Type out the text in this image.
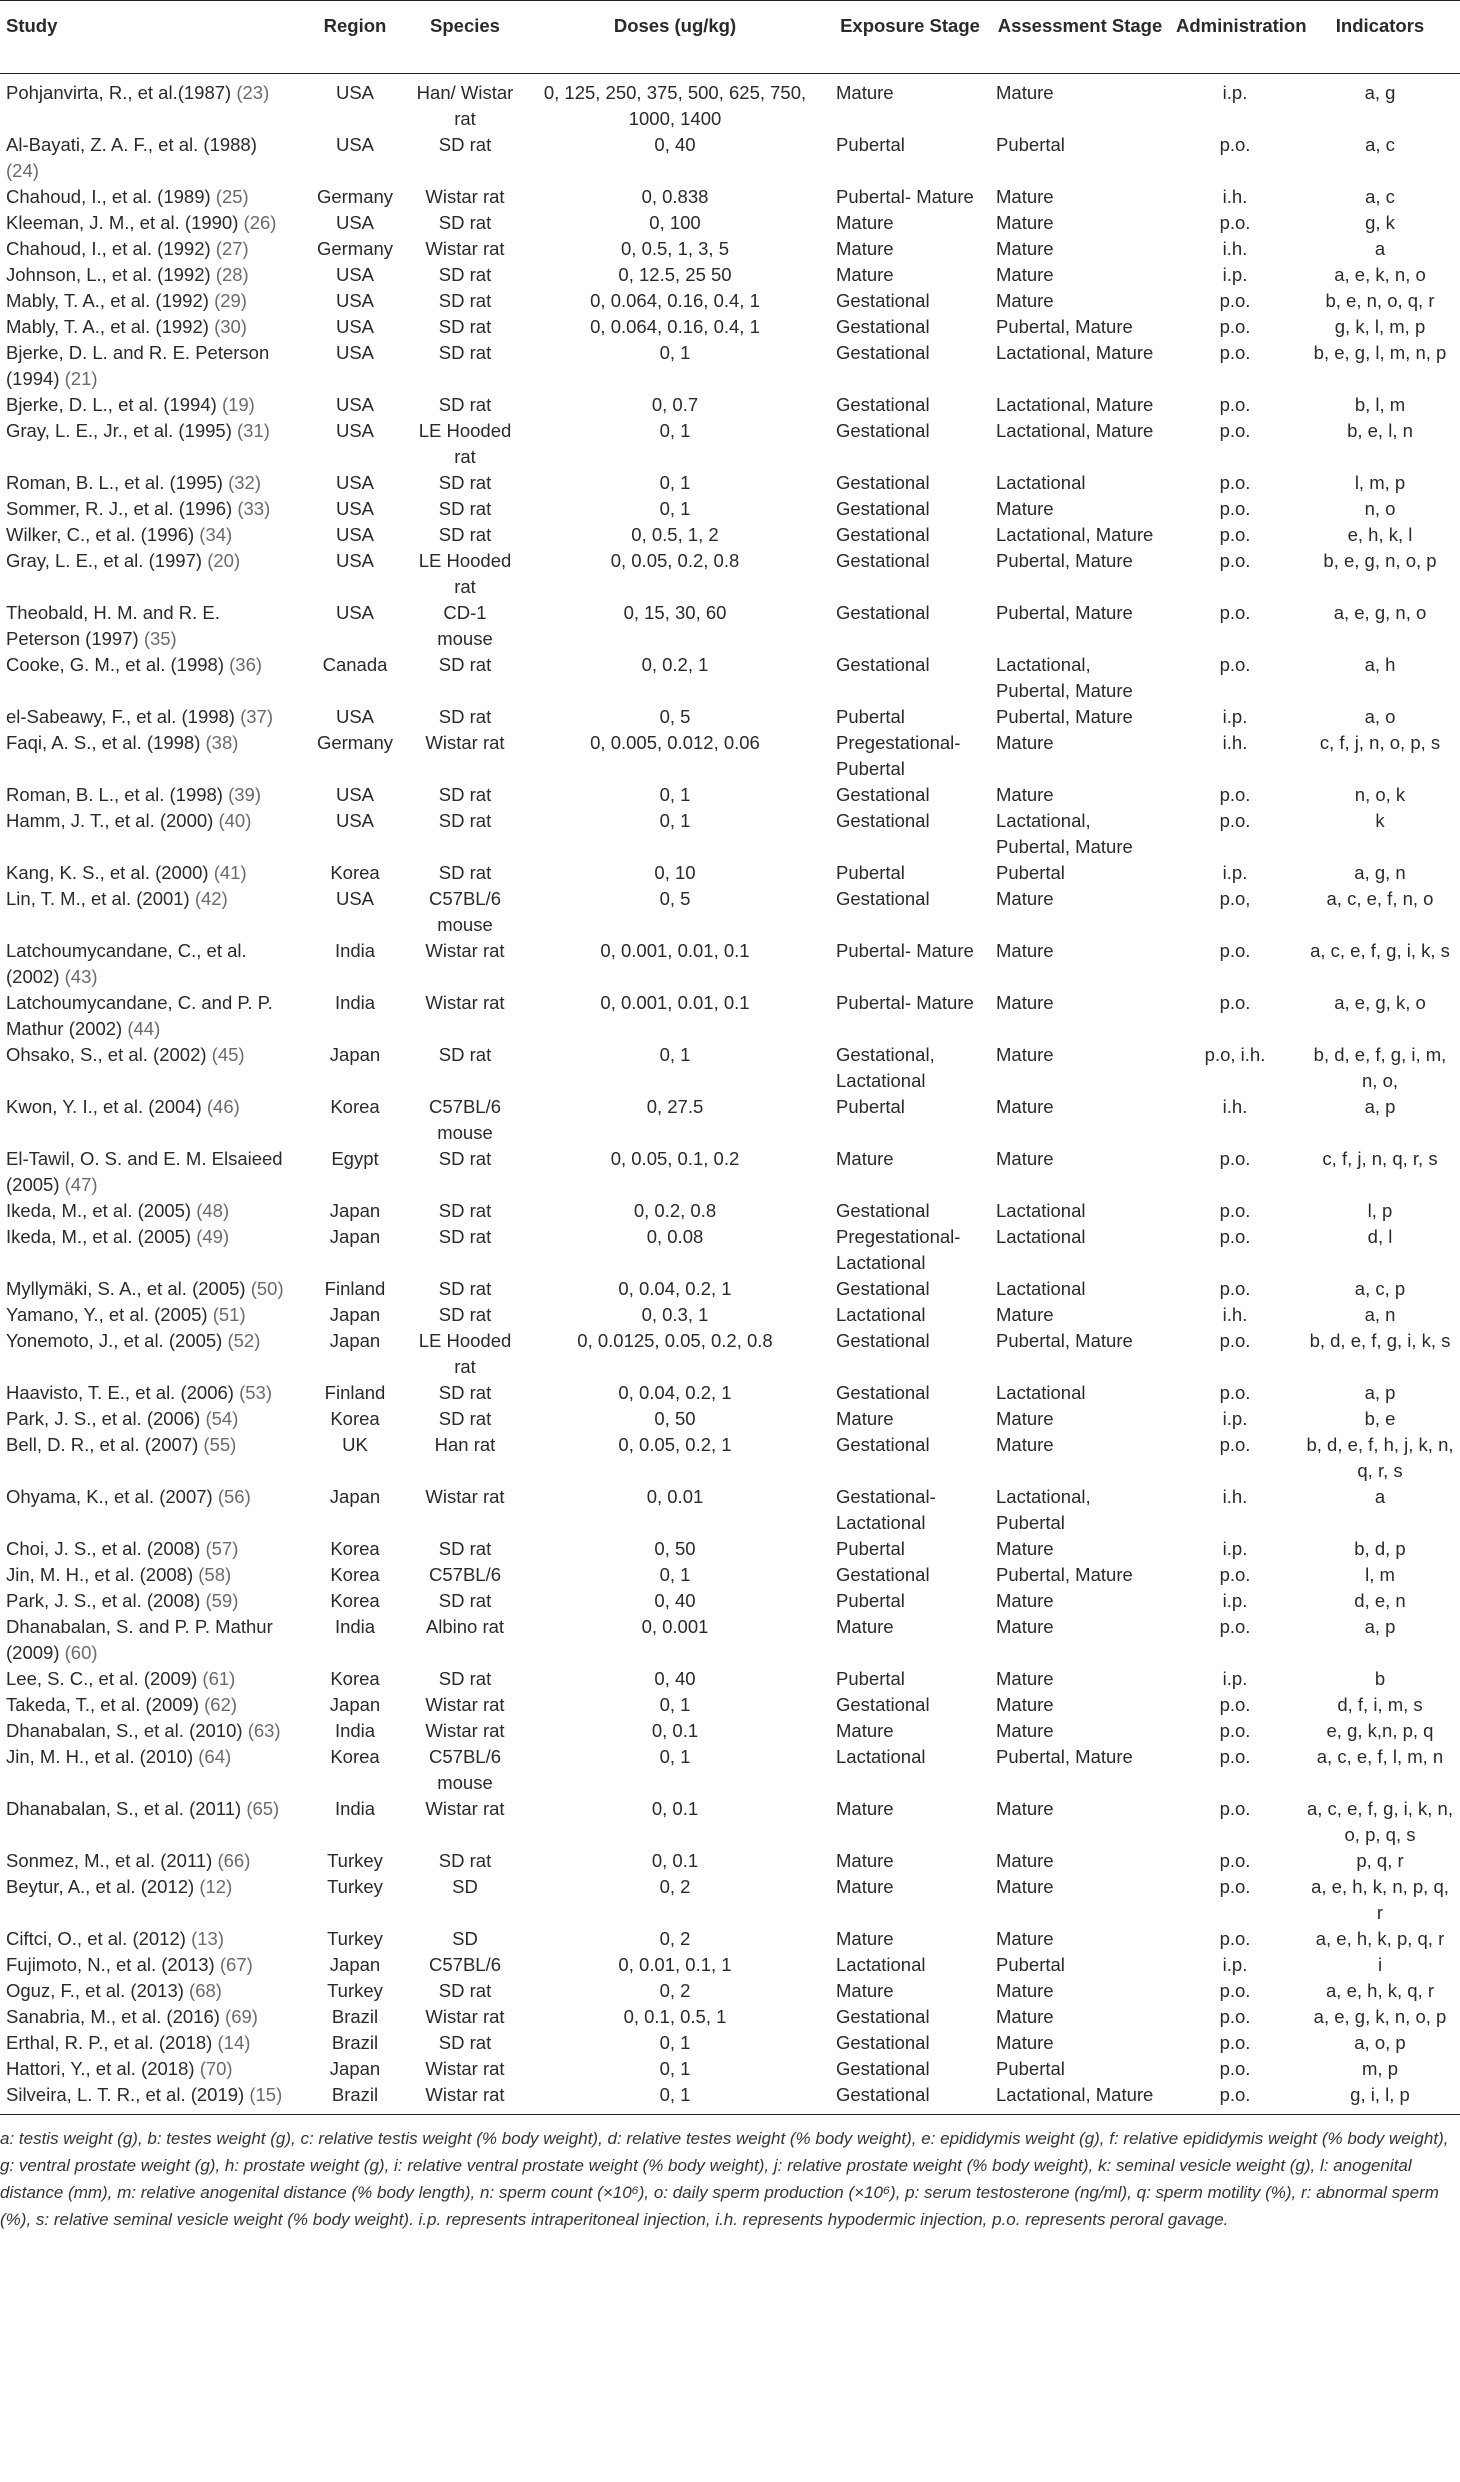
Study	Region	Species	Doses (ug/kg)	Exposure Stage	Assessment Stage	Administration	Indicators
Pohjanvirta, R., et al.(1987) (23)	USA	Han/ Wistar rat	0, 125, 250, 375, 500, 625, 750, 1000, 1400	Mature	Mature	i.p.	a, g
Al-Bayati, Z. A. F., et al. (1988) (24)	USA	SD rat	0, 40	Pubertal	Pubertal	p.o.	a, c
Chahoud, I., et al. (1989) (25)	Germany	Wistar rat	0, 0.838	Pubertal- Mature	Mature	i.h.	a, c
Kleeman, J. M., et al. (1990) (26)	USA	SD rat	0, 100	Mature	Mature	p.o.	g, k
Chahoud, I., et al. (1992) (27)	Germany	Wistar rat	0, 0.5, 1, 3, 5	Mature	Mature	i.h.	a
Johnson, L., et al. (1992) (28)	USA	SD rat	0, 12.5, 25 50	Mature	Mature	i.p.	a, e, k, n, o
Mably, T. A., et al. (1992) (29)	USA	SD rat	0, 0.064, 0.16, 0.4, 1	Gestational	Mature	p.o.	b, e, n, o, q, r
Mably, T. A., et al. (1992) (30)	USA	SD rat	0, 0.064, 0.16, 0.4, 1	Gestational	Pubertal, Mature	p.o.	g, k, l, m, p
Bjerke, D. L. and R. E. Peterson (1994) (21)	USA	SD rat	0, 1	Gestational	Lactational, Mature	p.o.	b, e, g, l, m, n, p
Bjerke, D. L., et al. (1994) (19)	USA	SD rat	0, 0.7	Gestational	Lactational, Mature	p.o.	b, l, m
Gray, L. E., Jr., et al. (1995) (31)	USA	LE Hooded rat	0, 1	Gestational	Lactational, Mature	p.o.	b, e, l, n
Roman, B. L., et al. (1995) (32)	USA	SD rat	0, 1	Gestational	Lactational	p.o.	l, m, p
Sommer, R. J., et al. (1996) (33)	USA	SD rat	0, 1	Gestational	Mature	p.o.	n, o
Wilker, C., et al. (1996) (34)	USA	SD rat	0, 0.5, 1, 2	Gestational	Lactational, Mature	p.o.	e, h, k, l
Gray, L. E., et al. (1997) (20)	USA	LE Hooded rat	0, 0.05, 0.2, 0.8	Gestational	Pubertal, Mature	p.o.	b, e, g, n, o, p
Theobald, H. M. and R. E. Peterson (1997) (35)	USA	CD-1 mouse	0, 15, 30, 60	Gestational	Pubertal, Mature	p.o.	a, e, g, n, o
Cooke, G. M., et al. (1998) (36)	Canada	SD rat	0, 0.2, 1	Gestational	Lactational, Pubertal, Mature	p.o.	a, h
el-Sabeawy, F., et al. (1998) (37)	USA	SD rat	0, 5	Pubertal	Pubertal, Mature	i.p.	a, o
Faqi, A. S., et al. (1998) (38)	Germany	Wistar rat	0, 0.005, 0.012, 0.06	Pregestational- Pubertal	Mature	i.h.	c, f, j, n, o, p, s
Roman, B. L., et al. (1998) (39)	USA	SD rat	0, 1	Gestational	Mature	p.o.	n, o, k
Hamm, J. T., et al. (2000) (40)	USA	SD rat	0, 1	Gestational	Lactational, Pubertal, Mature	p.o.	k
Kang, K. S., et al. (2000) (41)	Korea	SD rat	0, 10	Pubertal	Pubertal	i.p.	a, g, n
Lin, T. M., et al. (2001) (42)	USA	C57BL/6 mouse	0, 5	Gestational	Mature	p.o,	a, c, e, f, n, o
Latchoumycandane, C., et al. (2002) (43)	India	Wistar rat	0, 0.001, 0.01, 0.1	Pubertal- Mature	Mature	p.o.	a, c, e, f, g, i, k, s
Latchoumycandane, C. and P. P. Mathur (2002) (44)	India	Wistar rat	0, 0.001, 0.01, 0.1	Pubertal- Mature	Mature	p.o.	a, e, g, k, o
Ohsako, S., et al. (2002) (45)	Japan	SD rat	0, 1	Gestational, Lactational	Mature	p.o, i.h.	b, d, e, f, g, i, m, n, o,
Kwon, Y. I., et al. (2004) (46)	Korea	C57BL/6 mouse	0, 27.5	Pubertal	Mature	i.h.	a, p
El-Tawil, O. S. and E. M. Elsaieed (2005) (47)	Egypt	SD rat	0, 0.05, 0.1, 0.2	Mature	Mature	p.o.	c, f, j, n, q, r, s
Ikeda, M., et al. (2005) (48)	Japan	SD rat	0, 0.2, 0.8	Gestational	Lactational	p.o.	l, p
Ikeda, M., et al. (2005) (49)	Japan	SD rat	0, 0.08	Pregestational- Lactational	Lactational	p.o.	d, l
Myllymäki, S. A., et al. (2005) (50)	Finland	SD rat	0, 0.04, 0.2, 1	Gestational	Lactational	p.o.	a, c, p
Yamano, Y., et al. (2005) (51)	Japan	SD rat	0, 0.3, 1	Lactational	Mature	i.h.	a, n
Yonemoto, J., et al. (2005) (52)	Japan	LE Hooded rat	0, 0.0125, 0.05, 0.2, 0.8	Gestational	Pubertal, Mature	p.o.	b, d, e, f, g, i, k, s
Haavisto, T. E., et al. (2006) (53)	Finland	SD rat	0, 0.04, 0.2, 1	Gestational	Lactational	p.o.	a, p
Park, J. S., et al. (2006) (54)	Korea	SD rat	0, 50	Mature	Mature	i.p.	b, e
Bell, D. R., et al. (2007) (55)	UK	Han rat	0, 0.05, 0.2, 1	Gestational	Mature	p.o.	b, d, e, f, h, j, k, n, q, r, s
Ohyama, K., et al. (2007) (56)	Japan	Wistar rat	0, 0.01	Gestational- Lactational	Lactational, Pubertal	i.h.	a
Choi, J. S., et al. (2008) (57)	Korea	SD rat	0, 50	Pubertal	Mature	i.p.	b, d, p
Jin, M. H., et al. (2008) (58)	Korea	C57BL/6	0, 1	Gestational	Pubertal, Mature	p.o.	l, m
Park, J. S., et al. (2008) (59)	Korea	SD rat	0, 40	Pubertal	Mature	i.p.	d, e, n
Dhanabalan, S. and P. P. Mathur (2009) (60)	India	Albino rat	0, 0.001	Mature	Mature	p.o.	a, p
Lee, S. C., et al. (2009) (61)	Korea	SD rat	0, 40	Pubertal	Mature	i.p.	b
Takeda, T., et al. (2009) (62)	Japan	Wistar rat	0, 1	Gestational	Mature	p.o.	d, f, i, m, s
Dhanabalan, S., et al. (2010) (63)	India	Wistar rat	0, 0.1	Mature	Mature	p.o.	e, g, k,n, p, q
Jin, M. H., et al. (2010) (64)	Korea	C57BL/6 mouse	0, 1	Lactational	Pubertal, Mature	p.o.	a, c, e, f, l, m, n
Dhanabalan, S., et al. (2011) (65)	India	Wistar rat	0, 0.1	Mature	Mature	p.o.	a, c, e, f, g, i, k, n, o, p, q, s
Sonmez, M., et al. (2011) (66)	Turkey	SD rat	0, 0.1	Mature	Mature	p.o.	p, q, r
Beytur, A., et al. (2012) (12)	Turkey	SD	0, 2	Mature	Mature	p.o.	a, e, h, k, n, p, q, r
Ciftci, O., et al. (2012) (13)	Turkey	SD	0, 2	Mature	Mature	p.o.	a, e, h, k, p, q, r
Fujimoto, N., et al. (2013) (67)	Japan	C57BL/6	0, 0.01, 0.1, 1	Lactational	Pubertal	i.p.	i
Oguz, F., et al. (2013) (68)	Turkey	SD rat	0, 2	Mature	Mature	p.o.	a, e, h, k, q, r
Sanabria, M., et al. (2016) (69)	Brazil	Wistar rat	0, 0.1, 0.5, 1	Gestational	Mature	p.o.	a, e, g, k, n, o, p
Erthal, R. P., et al. (2018) (14)	Brazil	SD rat	0, 1	Gestational	Mature	p.o.	a, o, p
Hattori, Y., et al. (2018) (70)	Japan	Wistar rat	0, 1	Gestational	Pubertal	p.o.	m, p
Silveira, L. T. R., et al. (2019) (15)	Brazil	Wistar rat	0, 1	Gestational	Lactational, Mature	p.o.	g, i, l, p
a: testis weight (g), b: testes weight (g), c: relative testis weight (% body weight), d: relative testes weight (% body weight), e: epididymis weight (g), f: relative epididymis weight (% body weight), g: ventral prostate weight (g), h: prostate weight (g), i: relative ventral prostate weight (% body weight), j: relative prostate weight (% body weight), k: seminal vesicle weight (g), l: anogenital distance (mm), m: relative anogenital distance (% body length), n: sperm count (×10⁶), o: daily sperm production (×10⁶), p: serum testosterone (ng/ml), q: sperm motility (%), r: abnormal sperm (%), s: relative seminal vesicle weight (% body weight). i.p. represents intraperitoneal injection, i.h. represents hypodermic injection, p.o. represents peroral gavage.
